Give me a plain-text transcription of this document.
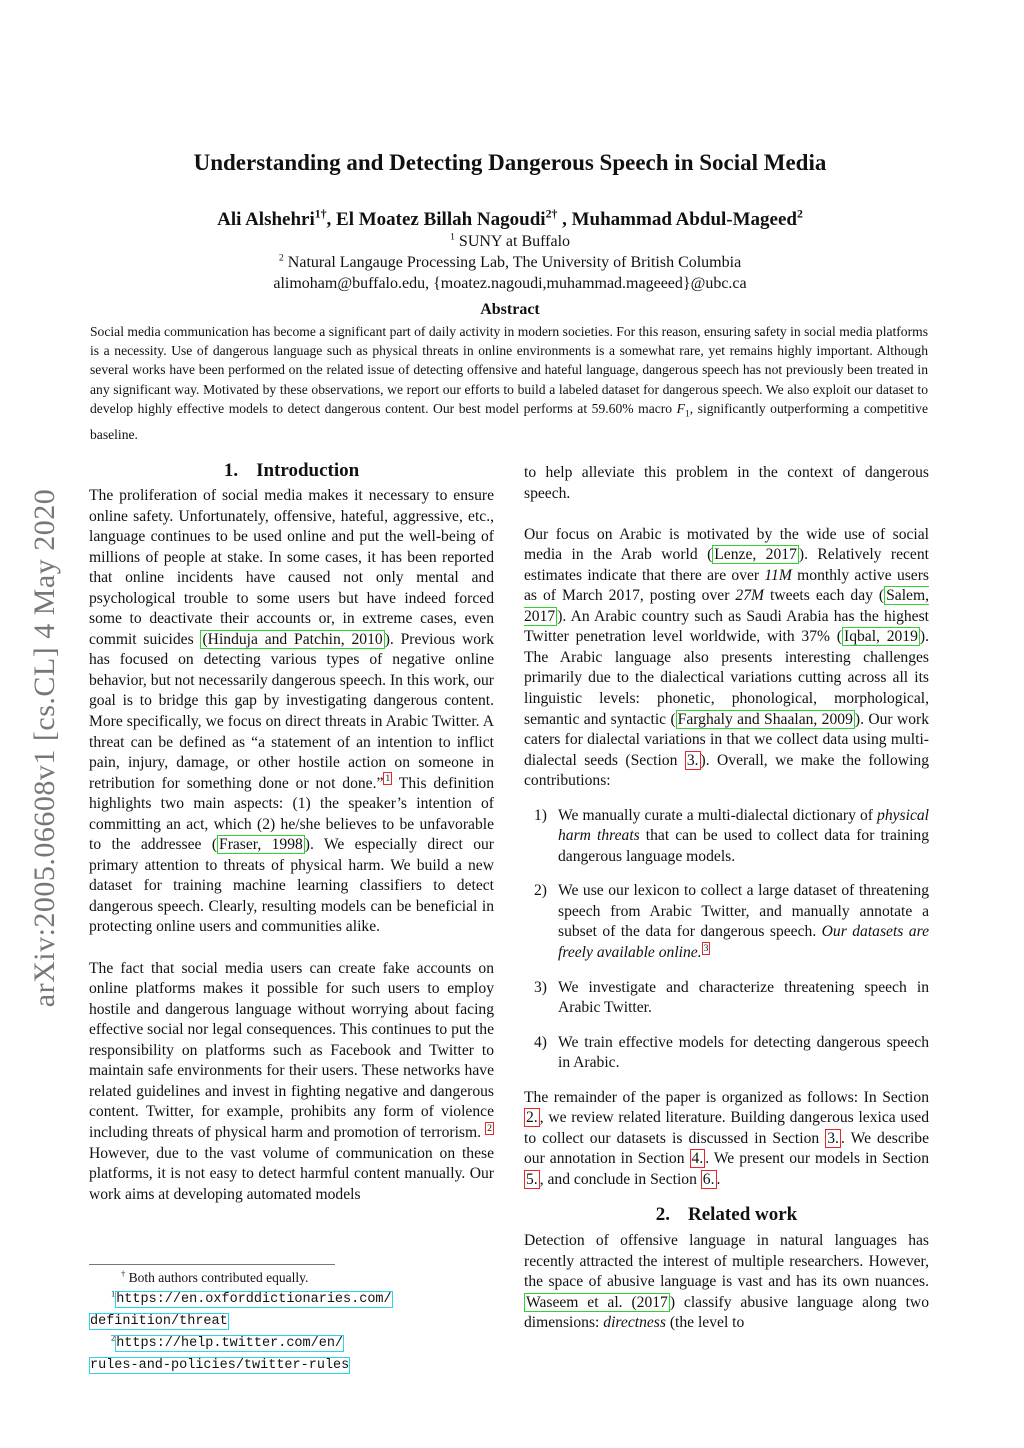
arXiv:2005.06608v1 [cs.CL] 4 May 2020
Understanding and Detecting Dangerous Speech in Social Media
Ali Alshehri$^{1\dagger}$, El Moatez Billah Nagoudi$^{2\dagger}$ , Muhammad Abdul-Mageed$^2$
$^1$ SUNY at Buffalo
$^2$ Natural Langauge Processing Lab, The University of British Columbia
alimoham@buffalo.edu, {moatez.nagoudi,muhammad.mageeed}@ubc.ca
Abstract
Social media communication has become a significant part of daily activity in modern societies. For this reason, ensuring safety in social media platforms is a necessity. Use of dangerous language such as physical threats in online environments is a somewhat rare, yet remains highly important. Although several works have been performed on the related issue of detecting offensive and hateful language, dangerous speech has not previously been treated in any significant way. Motivated by these observations, we report our efforts to build a labeled dataset for dangerous speech. We also exploit our dataset to develop highly effective models to detect dangerous content. Our best model performs at 59.60% macro $F_1$, significantly outperforming a competitive baseline.
1. Introduction

The proliferation of social media makes it necessary to ensure online safety. Unfortunately, offensive, hateful, aggressive, etc., language continues to be used online and put the well-being of millions of people at stake. In some cases, it has been reported that online incidents have caused not only mental and psychological trouble to some users but have indeed forced some to deactivate their accounts or, in extreme cases, even commit suicides (Hinduja and Patchin, 2010 ). Previous work has focused on detecting various types of negative online behavior, but not necessarily dangerous speech. In this work, our goal is to bridge this gap by investigating dangerous content. More specifically, we focus on direct threats in Arabic Twitter. A threat can be defined as “a statement of an intention to inflict pain, injury, damage, or other hostile action on someone in retribution for something done or not done.” $^1$ This definition highlights two main aspects: (1) the speaker’s intention of committing an act, which (2) he/she believes to be unfavorable to the addressee ( Fraser, 1998 ). We especially direct our primary attention to threats of physical harm. We build a new dataset for training machine learning classifiers to detect dangerous speech. Clearly, resulting models can be beneficial in protecting online users and communities alike.

The fact that social media users can create fake accounts on online platforms makes it possible for such users to employ hostile and dangerous language without worrying about facing effective social nor legal consequences. This continues to put the responsibility on platforms such as Facebook and Twitter to maintain safe environments for their users. These networks have related guidelines and invest in fighting negative and dangerous content. Twitter, for example, prohibits any form of violence including threats of physical harm and promotion of terrorism. $^2$ However, due to the vast volume of communication on these platforms, it is not easy to detect harmful content manually. Our work aims at developing automated models

† Both authors contributed equally.
$^1$https://en.oxforddictionaries.com/
definition/threat
$^2$https://help.twitter.com/en/
rules-and-policies/twitter-rules

to help alleviate this problem in the context of dangerous speech.

Our focus on Arabic is motivated by the wide use of social media in the Arab world ( Lenze, 2017 ). Relatively recent estimates indicate that there are over 11M monthly active users as of March 2017, posting over 27M tweets each day ( Salem, 2017 ). An Arabic country such as Saudi Arabia has the highest Twitter penetration level worldwide, with 37% ( Iqbal, 2019 ). The Arabic language also presents interesting challenges primarily due to the dialectical variations cutting across all its linguistic levels: phonetic, phonological, morphological, semantic and syntactic ( Farghaly and Shaalan, 2009 ). Our work caters for dialectal variations in that we collect data using multi-dialectal seeds (Section 3. ). Overall, we make the following contributions:

1) We manually curate a multi-dialectal dictionary of physical harm threats that can be used to collect data for training dangerous language models.
2) We use our lexicon to collect a large dataset of threatening speech from Arabic Twitter, and manually annotate a subset of the data for dangerous speech. Our datasets are freely available online. $^3$
3) We investigate and characterize threatening speech in Arabic Twitter.
4) We train effective models for detecting dangerous speech in Arabic.

The remainder of the paper is organized as follows: In Section 2. , we review related literature. Building dangerous lexica used to collect our datasets is discussed in Section 3. . We describe our annotation in Section 4. . We present our models in Section 5. , and conclude in Section 6. .

2. Related work

Detection of offensive language in natural languages has recently attracted the interest of multiple researchers. However, the space of abusive language is vast and has its own nuances. Waseem et al. (2017 ) classify abusive language along two dimensions: directness (the level to
